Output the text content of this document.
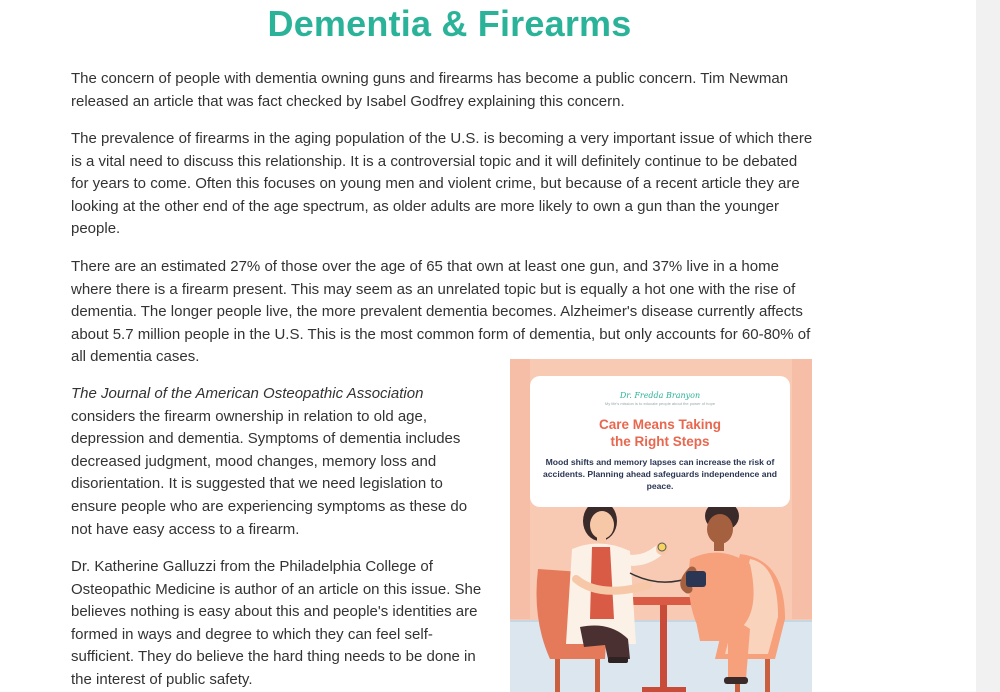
Dementia & Firearms

The concern of people with dementia owning guns and firearms has become a public concern. Tim Newman released an article that was fact checked by Isabel Godfrey explaining this concern.

The prevalence of firearms in the aging population of the U.S. is becoming a very important issue of which there is a vital need to discuss this relationship. It is a controversial topic and it will definitely continue to be debated for years to come. Often this focuses on young men and violent crime, but because of a recent article they are looking at the other end of the age spectrum, as older adults are more likely to own a gun than the younger people.

There are an estimated 27% of those over the age of 65 that own at least one gun, and 37% live in a home where there is a firearm present. This may seem as an unrelated topic but is equally a hot one with the rise of dementia. The longer people live, the more prevalent dementia becomes. Alzheimer's disease currently affects about 5.7 million people in the U.S. This is the most common form of dementia, but only accounts for 60-80% of all dementia cases.

The Journal of the American Osteopathic Association considers the firearm ownership in relation to old age, depression and dementia. Symptoms of dementia includes decreased judgment, mood changes, memory loss and disorientation. It is suggested that we need legislation to ensure people who are experiencing symptoms as these do not have easy access to a firearm.

Dr. Katherine Galluzzi from the Philadelphia College of Osteopathic Medicine is author of an article on this issue. She believes nothing is easy about this and people's identities are formed in ways and degree to which they can feel self-sufficient. They do believe the hard thing needs to be done in the interest of public safety.

Dr. Fredda Branyon
My life's mission is to educate people about the power of hope
Care Means Taking
the Right Steps
Mood shifts and memory lapses can increase the risk of accidents. Planning ahead safeguards independence and peace.
